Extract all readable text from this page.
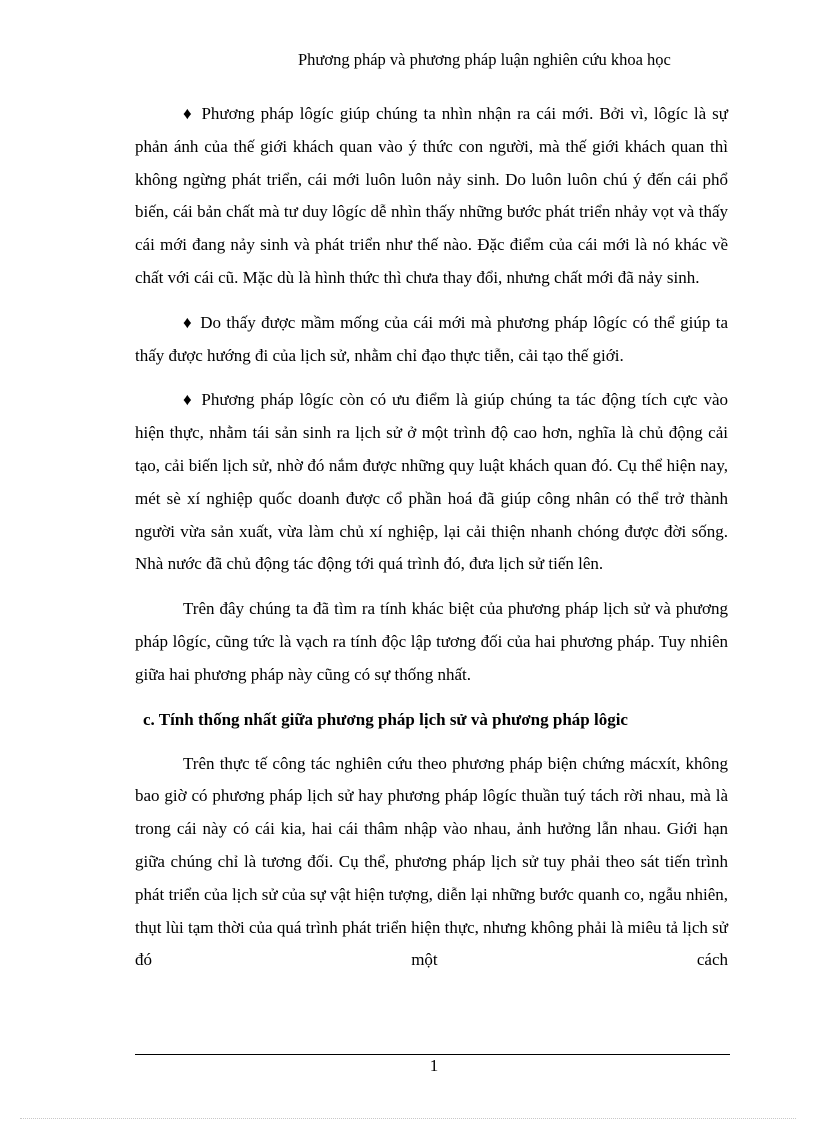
Phương pháp và phương pháp luận nghiên cứu khoa học

♦ Phương pháp lôgíc giúp chúng ta nhìn nhận ra cái mới. Bởi vì, lôgíc là sự phản ánh của thế giới khách quan vào ý thức con người, mà thế giới khách quan thì không ngừng phát triển, cái mới luôn luôn nảy sinh. Do luôn luôn chú ý đến cái phổ biến, cái bản chất mà tư duy lôgíc dễ nhìn thấy những bước phát triển nhảy vọt và thấy cái mới đang nảy sinh và phát triển như thế nào. Đặc điểm của cái mới là nó khác về chất với cái cũ. Mặc dù là hình thức thì chưa thay đổi, nhưng chất mới đã nảy sinh.

♦ Do thấy được mầm mống của cái mới mà phương pháp lôgíc có thể giúp ta thấy được hướng đi của lịch sử, nhằm chỉ đạo thực tiễn, cải tạo thế giới.

♦ Phương pháp lôgíc còn có ưu điểm là giúp chúng ta tác động tích cực vào hiện thực, nhằm tái sản sinh ra lịch sử ở một trình độ cao hơn, nghĩa là chủ động cải tạo, cải biến lịch sử, nhờ đó nắm được những quy luật khách quan đó. Cụ thể hiện nay, mét sè xí nghiệp quốc doanh được cổ phần hoá đã giúp công nhân có thể trở thành người vừa sản xuất, vừa làm chủ xí nghiệp, lại cải thiện nhanh chóng được đời sống. Nhà nước đã chủ động tác động tới quá trình đó, đưa lịch sử tiến lên.

Trên đây chúng ta đã tìm ra tính khác biệt của phương pháp lịch sử và phương pháp lôgíc, cũng tức là vạch ra tính độc lập tương đối của hai phương pháp. Tuy nhiên giữa hai phương pháp này cũng có sự thống nhất.

c. Tính thống nhất giữa phương pháp lịch sử và phương pháp lôgic

Trên thực tế công tác nghiên cứu theo phương pháp biện chứng mácxít, không bao giờ có phương pháp lịch sử hay phương pháp lôgíc thuần tuý tách rời nhau, mà là trong cái này có cái kia, hai cái thâm nhập vào nhau, ảnh hưởng lẫn nhau. Giới hạn giữa chúng chỉ là tương đối. Cụ thể, phương pháp lịch sử tuy phải theo sát tiến trình phát triển của lịch sử của sự vật hiện tượng, diễn lại những bước quanh co, ngẫu nhiên, thụt lùi tạm thời của quá trình phát triển hiện thực, nhưng không phải là miêu tả lịch sử đó một cách

1
